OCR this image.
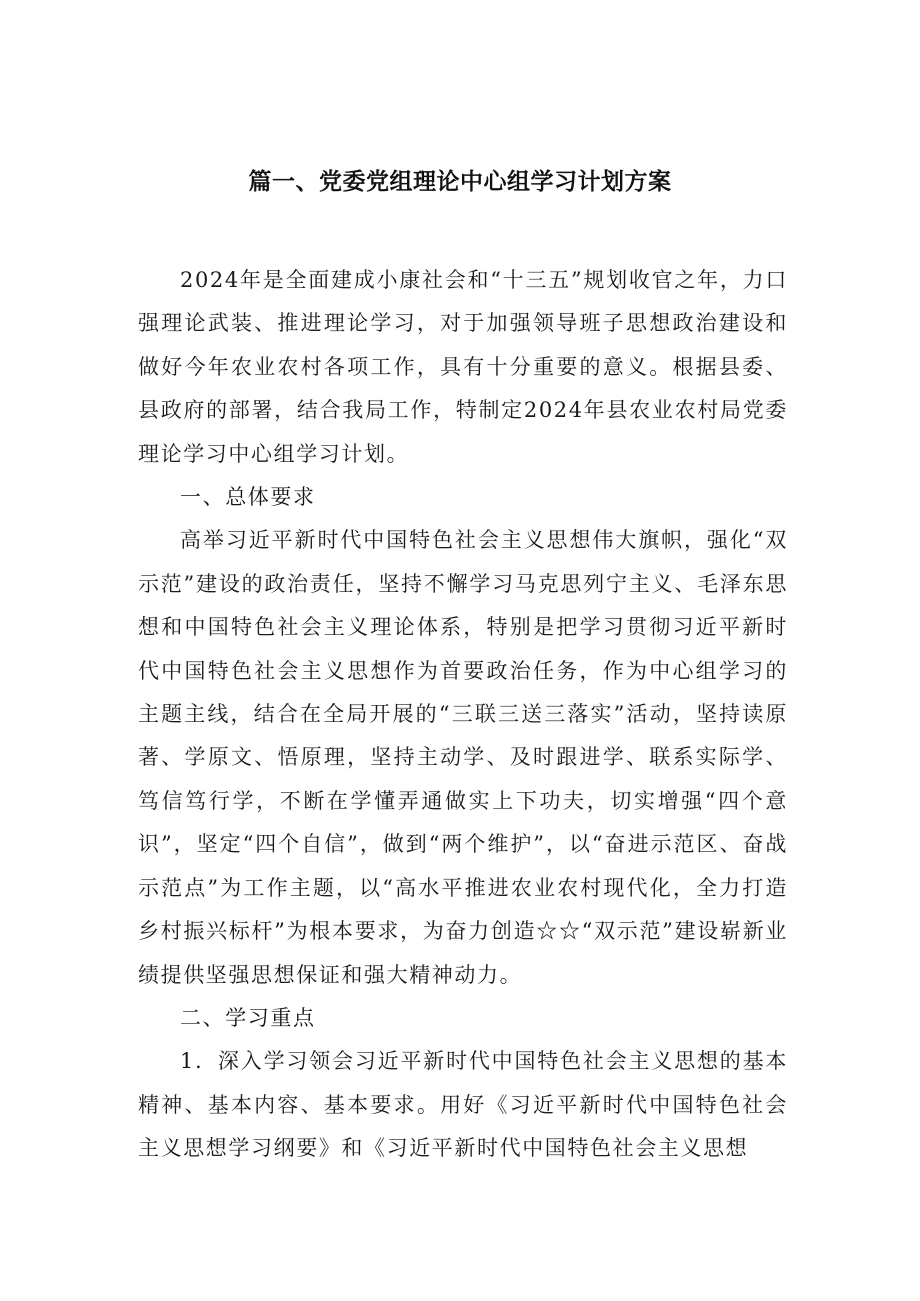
篇一、党委党组理论中心组学习计划方案

2024年是全面建成小康社会和“十三五”规划收官之年，力口强理论武装、推进理论学习，对于加强领导班子思想政治建设和做好今年农业农村各项工作，具有十分重要的意义。根据县委、县政府的部署，结合我局工作，特制定2024年县农业农村局党委理论学习中心组学习计划。

一、总体要求

高举习近平新时代中国特色社会主义思想伟大旗帜，强化“双示范”建设的政治责任，坚持不懈学习马克思列宁主义、毛泽东思想和中国特色社会主义理论体系，特别是把学习贯彻习近平新时代中国特色社会主义思想作为首要政治任务，作为中心组学习的主题主线，结合在全局开展的“三联三送三落实”活动，坚持读原著、学原文、悟原理，坚持主动学、及时跟进学、联系实际学、笃信笃行学，不断在学懂弄通做实上下功夫，切实增强“四个意识”，坚定“四个自信”，做到“两个维护”，以“奋进示范区、奋战示范点”为工作主题，以“高水平推进农业农村现代化，全力打造乡村振兴标杆”为根本要求，为奋力创造☆☆“双示范”建设崭新业绩提供坚强思想保证和强大精神动力。

二、学习重点

1．深入学习领会习近平新时代中国特色社会主义思想的基本精神、基本内容、基本要求。用好《习近平新时代中国特色社会主义思想学习纲要》和《习近平新时代中国特色社会主义思想
